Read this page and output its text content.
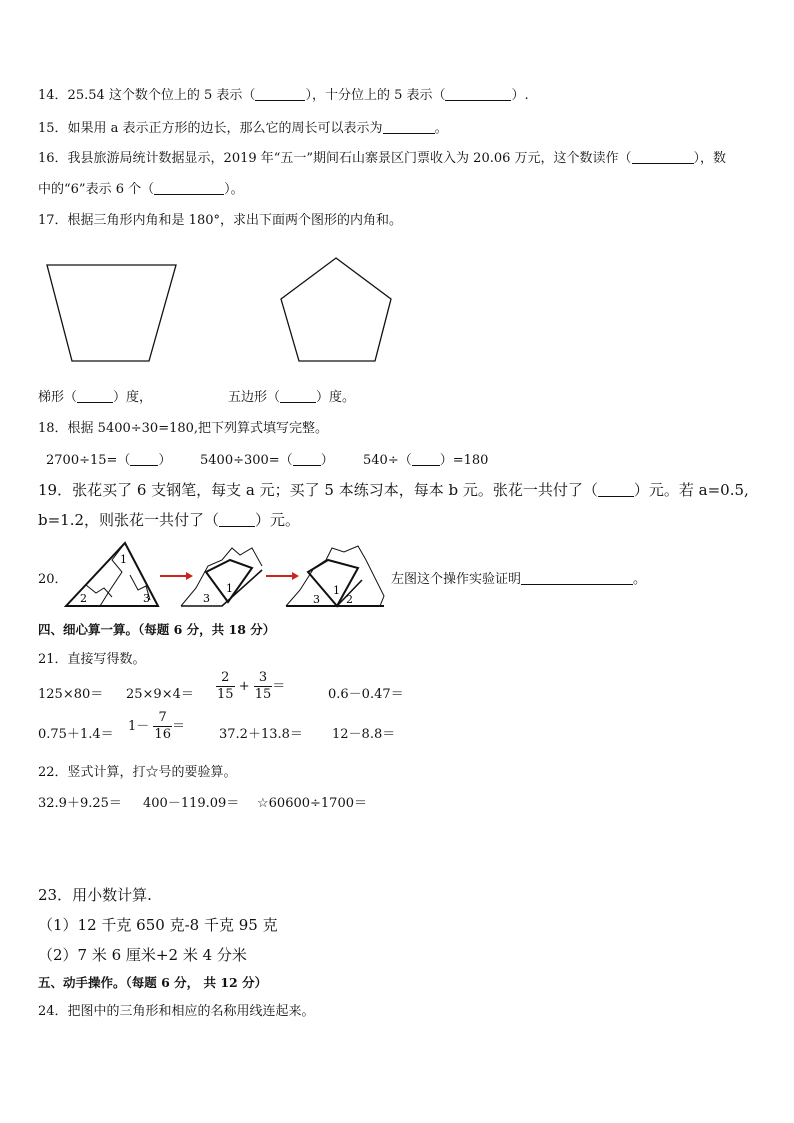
14．25.54 这个数个位上的 5 表示（	），十分位上的 5 表示（	）.
15．如果用 a 表示正方形的边长，那么它的周长可以表示为	。
16．我县旅游局统计数据显示，2019 年“五一”期间石山寨景区门票收入为 20.06 万元，这个数读作（	），数
中的“6”表示 6 个（	）。
17．根据三角形内角和是 180°，求出下面两个图形的内角和。
梯形（	）度，	五边形（	）度。
18．根据 5400÷30=180,把下列算式填写完整。
2700÷15=（ ） 5400÷300=（ ） 540÷（ ）=180
19．张花买了 6 支钢笔，每支 a 元；买了 5 本练习本，每本 b 元。张花一共付了（ ）元。若 a=0.5,
b=1.2，则张花一共付了（ ）元。
20．
1
2	3
1
3
1
3 2
左图这个操作实验证明	。
四、细心算一算。（每题 6 分，共 18 分）
21．直接写得数。
$125\times 80= 25\times 9\times 4= \frac{2}{15} + \frac{3}{15}$ ＝
0.6－0.47＝
0.75＋1.4＝
$1- \frac{7}{16}$ ＝
37.2＋13.8＝ 12－8.8＝
22．竖式计算，打☆号的要验算。
32.9＋9.25＝ 400－119.09＝ ☆60600÷1700＝
23．用小数计算.
（1）12 千克 650 克-8 千克 95 克
（2）7 米 6 厘米+2 米 4 分米
五、动手操作。（每题 6 分， 共 12 分）
24．把图中的三角形和相应的名称用线连起来。
